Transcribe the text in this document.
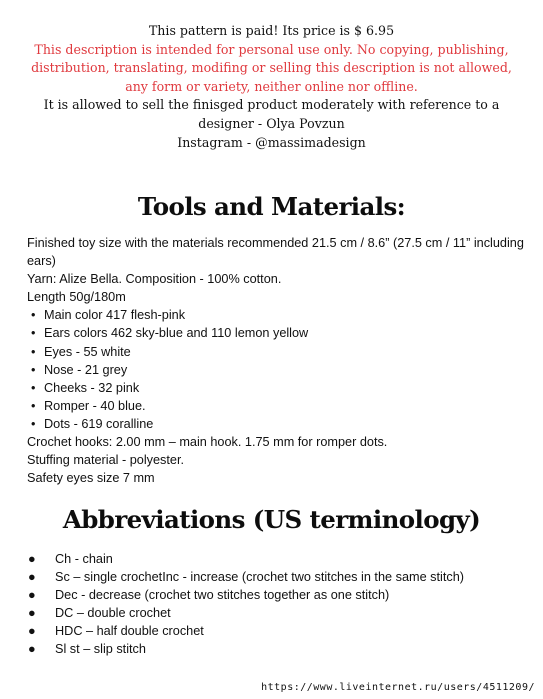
This pattern is paid! Its price is $ 6.95
This description is intended for personal use only. No copying, publishing,
distribution, translating, modifing or selling this description is not allowed,
any form or variety, neither online nor offline.
It is allowed to sell the finisged product moderately with reference to a
designer - Olya Povzun
Instagram - @massimadesign
Tools and Materials:

Finished toy size with the materials recommended 21.5 cm / 8.6” (27.5 cm / 11” including ears)

Yarn: Alize Bella. Composition - 100% cotton.

Length 50g/180m

• Main color 417 flesh-pink
• Ears colors 462 sky-blue and 110 lemon yellow
• Eyes - 55 white
• Nose - 21 grey
• Cheeks - 32 pink
• Romper - 40 blue.
• Dots - 619 coralline

Crochet hooks: 2.00 mm – main hook. 1.75 mm for romper dots.

Stuffing material - polyester.

Safety eyes size 7 mm

Abbreviations (US terminology)
● Ch - chain
● Sc – single crochetInc - increase (crochet two stitches in the same stitch)
● Dec - decrease (crochet two stitches together as one stitch)
● DC – double crochet
● HDC – half double crochet
● Sl st – slip stitch
https://www.liveinternet.ru/users/4511209/
